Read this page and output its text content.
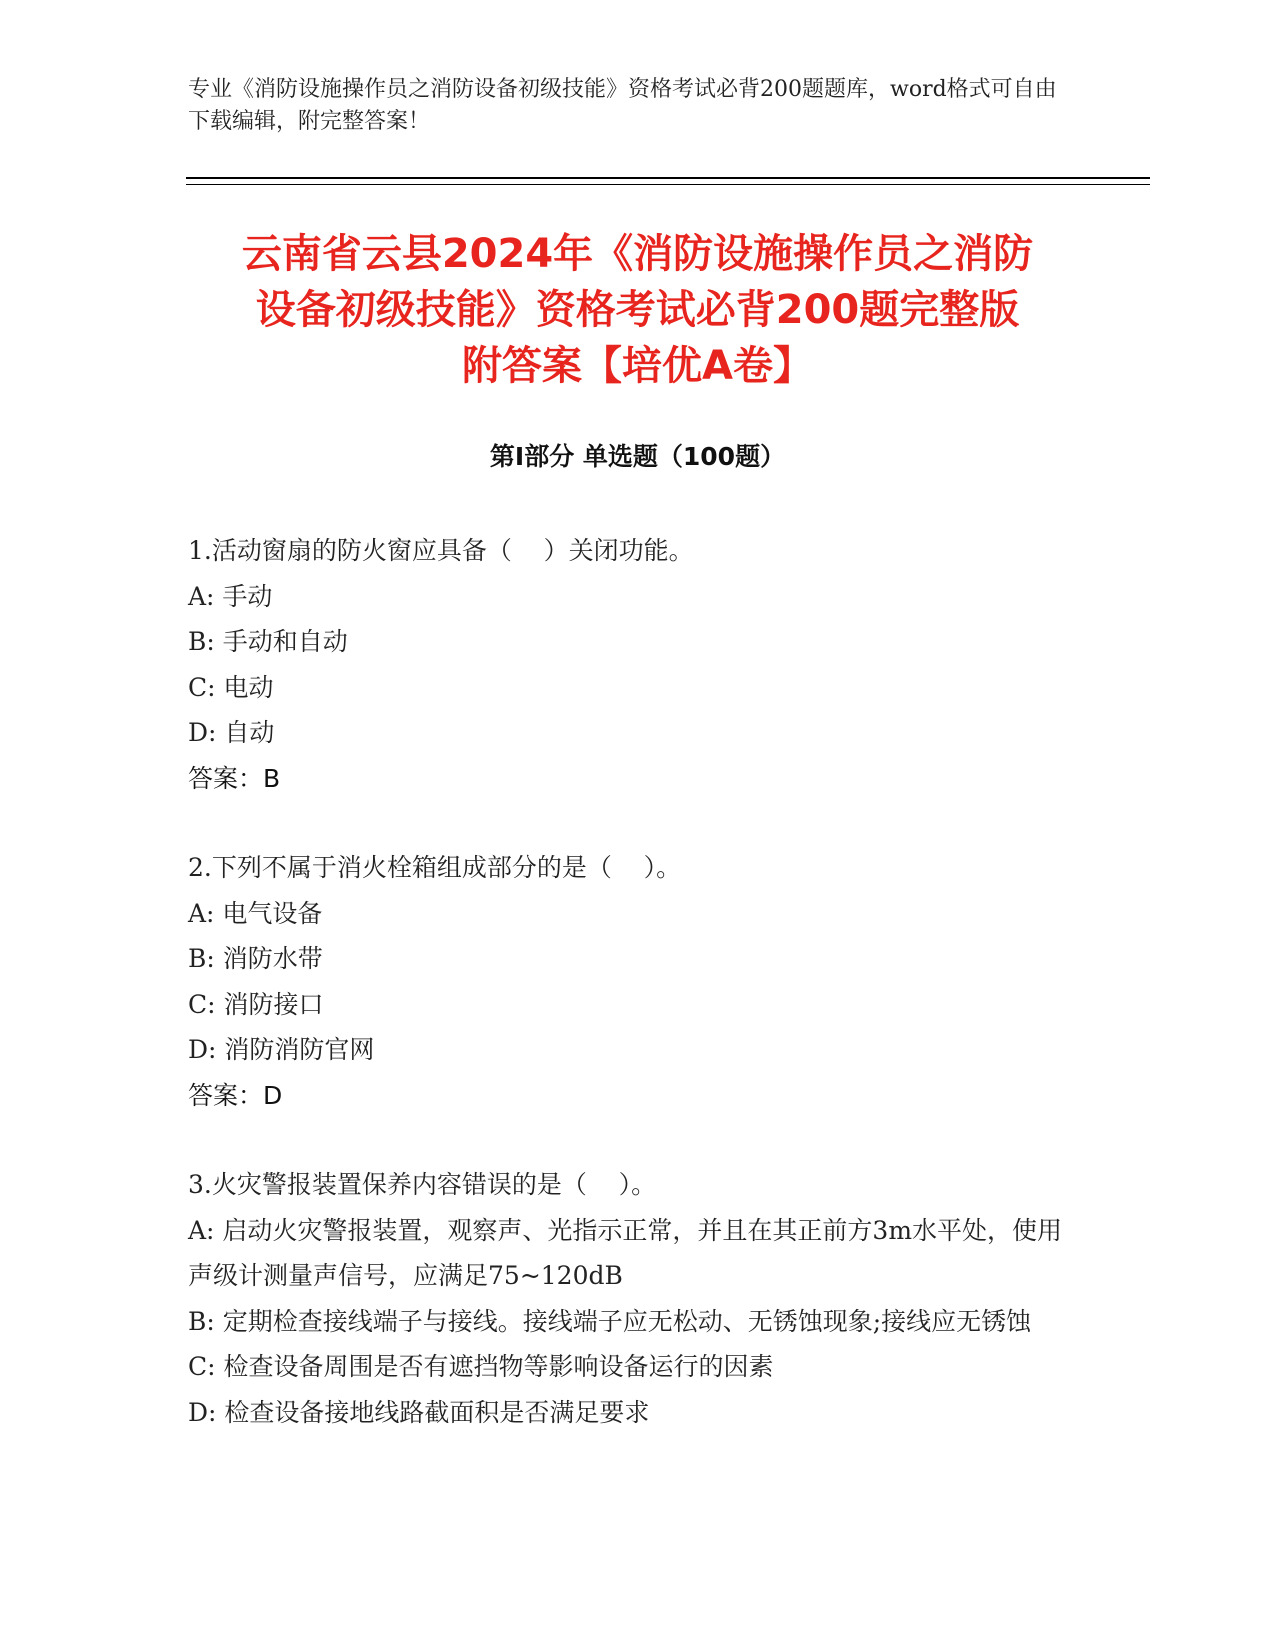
专业《消防设施操作员之消防设备初级技能》资格考试必背200题题库，word格式可自由下载编辑，附完整答案！
云南省云县2024年《消防设施操作员之消防
设备初级技能》资格考试必背200题完整版
附答案【培优A卷】
第Ⅰ部分 单选题（100题）
1.活动窗扇的防火窗应具备（    ）关闭功能。
A: 手动
B: 手动和自动
C: 电动
D: 自动
答案：B
2.下列不属于消火栓箱组成部分的是（    ）。
A: 电气设备
B: 消防水带
C: 消防接口
D: 消防消防官网
答案：D
3.火灾警报装置保养内容错误的是（    ）。
A: 启动火灾警报装置，观察声、光指示正常，并且在其正前方3m水平处，使用声级计测量声信号，应满足75~120dB
B: 定期检查接线端子与接线。接线端子应无松动、无锈蚀现象;接线应无锈蚀
C: 检查设备周围是否有遮挡物等影响设备运行的因素
D: 检查设备接地线路截面积是否满足要求
